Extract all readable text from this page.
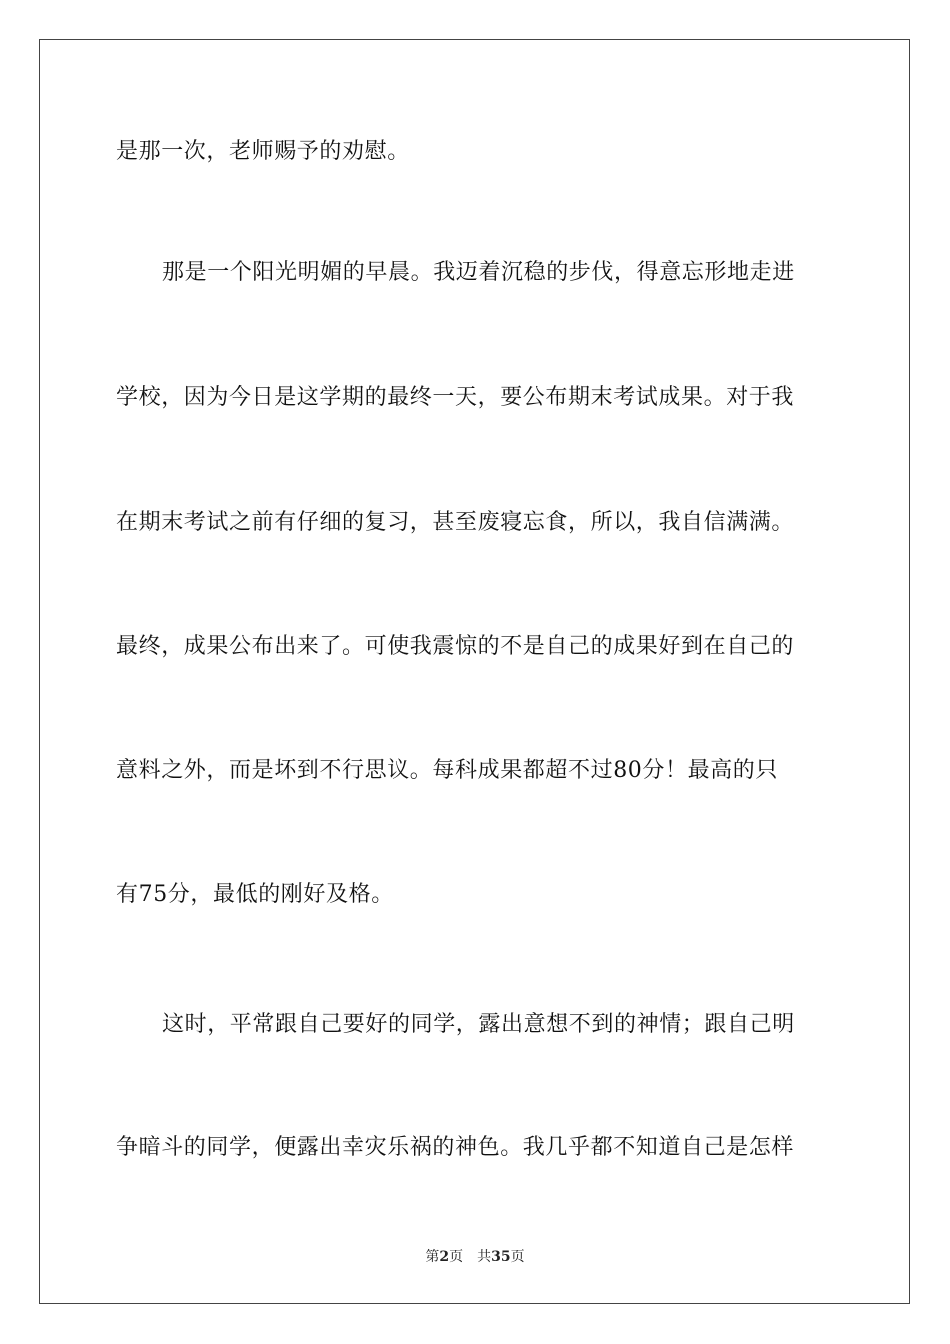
是那一次，老师赐予的劝慰。
那是一个阳光明媚的早晨。我迈着沉稳的步伐，得意忘形地走进
学校，因为今日是这学期的最终一天，要公布期末考试成果。对于我
在期末考试之前有仔细的复习，甚至废寝忘食，所以，我自信满满。
最终，成果公布出来了。可使我震惊的不是自己的成果好到在自己的
意料之外，而是坏到不行思议。每科成果都超不过80分！最高的只
有75分，最低的刚好及格。
这时，平常跟自己要好的同学，露出意想不到的神情；跟自己明
争暗斗的同学，便露出幸灾乐祸的神色。我几乎都不知道自己是怎样
第2页 共35页
